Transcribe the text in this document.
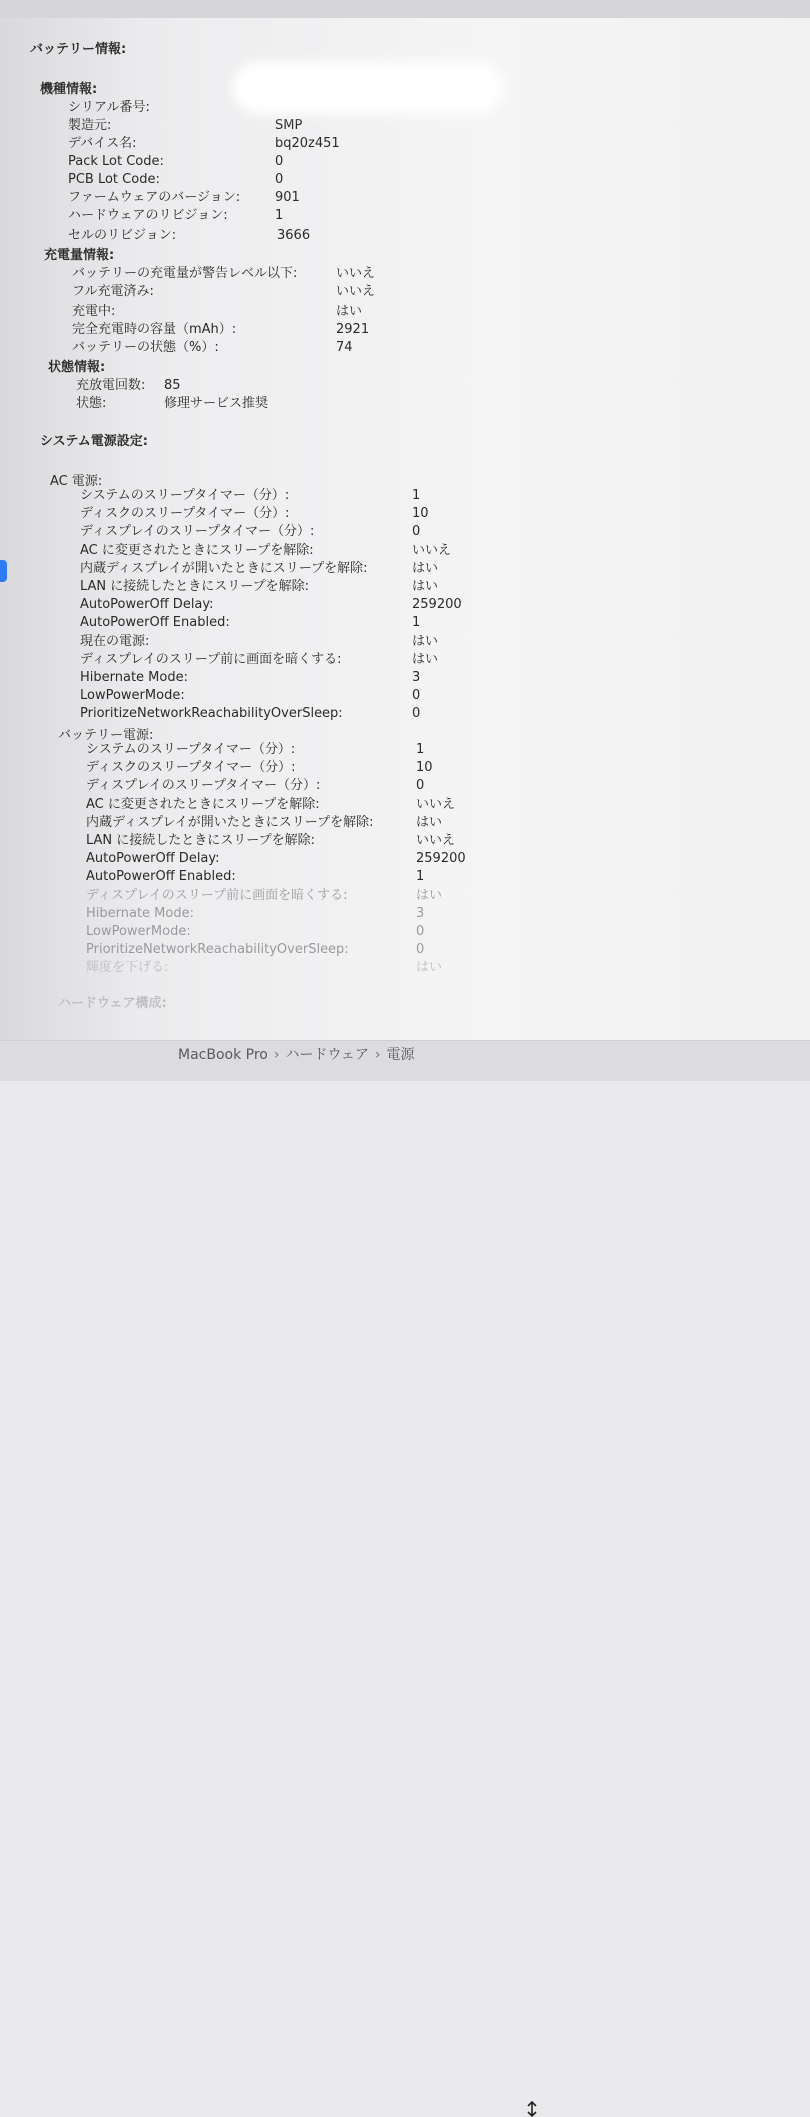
バッテリー情報:
機種情報:
シリアル番号:
製造元:	SMP
デバイス名:	bq20z451
Pack Lot Code:	0
PCB Lot Code:	0
ファームウェアのバージョン:	901
ハードウェアのリビジョン:	1
セルのリビジョン:	3666
充電量情報:
バッテリーの充電量が警告レベル以下:	いいえ
フル充電済み:	いいえ
充電中:	はい
完全充電時の容量（mAh）:	2921
バッテリーの状態（%）:	74
状態情報:
充放電回数: 85
状態:	修理サービス推奨
システム電源設定:
AC 電源:
システムのスリープタイマー（分）:	1
ディスクのスリープタイマー（分）:	10
ディスプレイのスリープタイマー（分）:	0
AC に変更されたときにスリープを解除:	いいえ
内蔵ディスプレイが開いたときにスリープを解除:	はい
LAN に接続したときにスリープを解除:	はい
AutoPowerOff Delay:	259200
AutoPowerOff Enabled:	1
現在の電源:	はい
ディスプレイのスリープ前に画面を暗くする:	はい
Hibernate Mode:	3
LowPowerMode:	0
PrioritizeNetworkReachabilityOverSleep:	0
バッテリー電源:
システムのスリープタイマー（分）:	1
ディスクのスリープタイマー（分）:	10
ディスプレイのスリープタイマー（分）:	0
AC に変更されたときにスリープを解除:	いいえ
内蔵ディスプレイが開いたときにスリープを解除:	はい
LAN に接続したときにスリープを解除:	いいえ
AutoPowerOff Delay:	259200
AutoPowerOff Enabled:	1
ディスプレイのスリープ前に画面を暗くする:	はい
Hibernate Mode:	3
LowPowerMode:	0
PrioritizeNetworkReachabilityOverSleep:	0
輝度を下げる:	はい
ハードウェア構成:
MacBook Pro › ハードウェア › 電源
